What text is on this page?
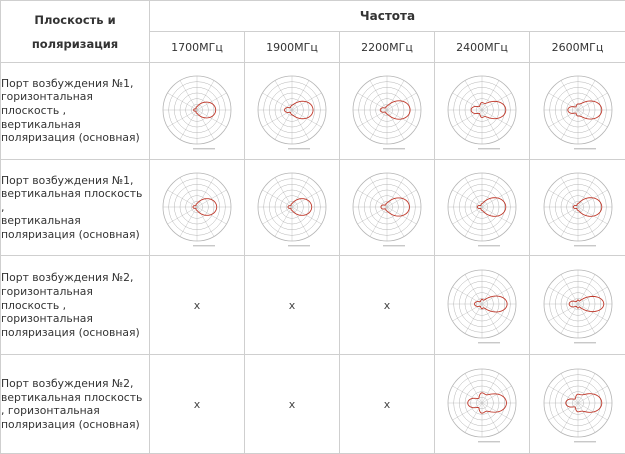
Плоскость и
поляризация	Частота				
	1700МГц	1900МГц	2200МГц	2400МГц	2600МГц

Порт возбуждения №1,
горизонтальная
плоскость , вертикальная
поляризация (основная)

Порт возбуждения №1,
вертикальная плоскость ,
вертикальная
поляризация (основная)

Порт возбуждения №2,
горизонтальная
плоскость ,
горизонтальная
поляризация (основная)	x	x	x	

Порт возбуждения №2,
вертикальная плоскость
, горизонтальная
поляризация (основная)	x	x	x	
